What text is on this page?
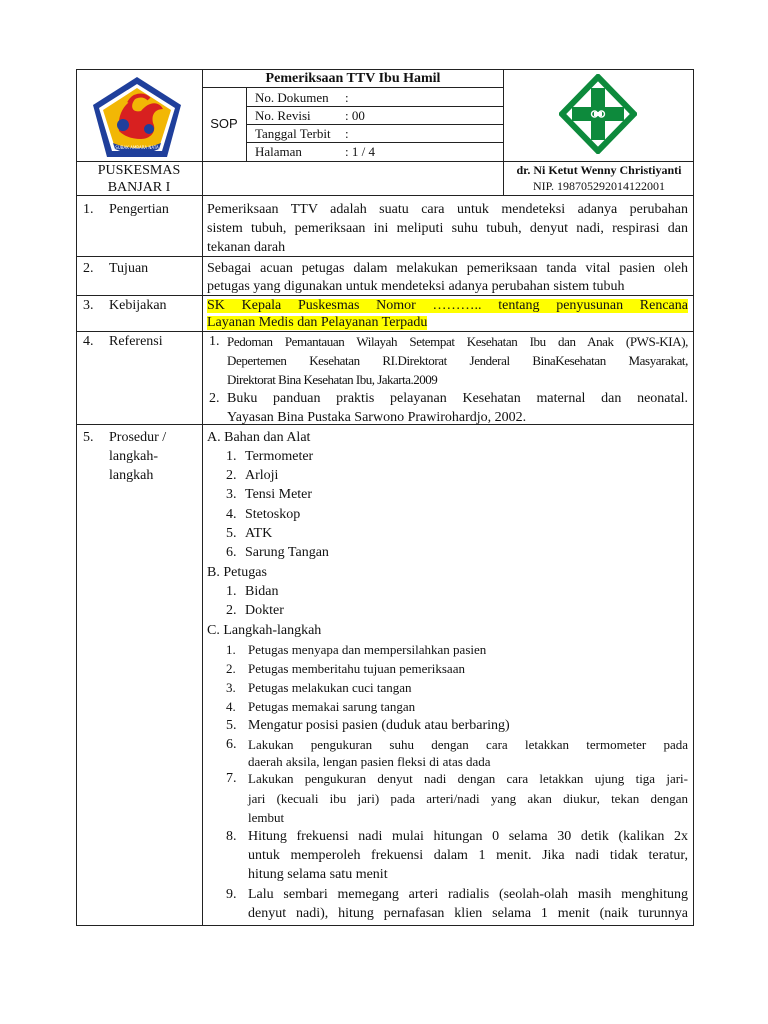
SUBAK AMBARA NATA
PUSKESMAS
BANJAR I
Pemeriksaan TTV Ibu Hamil
SOP
No. Dokumen :
No. Revisi	: 00
Tanggal Terbit :
Halaman	: 1 / 4
dr. Ni Ketut Wenny Christiyanti
NIP. 198705292014122001
1. Pengertian	Pemeriksaan TTV adalah suatu cara untuk mendeteksi adanya perubahan
sistem tubuh, pemeriksaan ini meliputi suhu tubuh, denyut nadi, respirasi dan
tekanan darah
2. Tujuan	Sebagai acuan petugas dalam melakukan pemeriksaan tanda vital pasien oleh
petugas yang digunakan untuk mendeteksi adanya perubahan sistem tubuh
3. Kebijakan	SK Kepala Puskesmas Nomor ……….. tentang penyusunan Rencana
Layanan Medis dan Pelayanan Terpadu
4. Referensi	1. Pedoman Pemantauan Wilayah Setempat Kesehatan Ibu dan Anak (PWS-KIA),
Depertemen Kesehatan RI.Direktorat Jenderal BinaKesehatan Masyarakat,
Direktorat Bina Kesehatan Ibu, Jakarta.2009
2. Buku panduan praktis pelayanan Kesehatan maternal dan neonatal.
Yayasan Bina Pustaka Sarwono Prawirohardjo, 2002.
5. Prosedur /
langkah-
langkah
A. Bahan dan Alat
1. Termometer
2. Arloji
3. Tensi Meter
4. Stetoskop
5. ATK
6. Sarung Tangan
B. Petugas
1. Bidan
2. Dokter
C. Langkah-langkah
1. Petugas menyapa dan mempersilahkan pasien
2. Petugas memberitahu tujuan pemeriksaan
3. Petugas melakukan cuci tangan
4. Petugas memakai sarung tangan
5. Mengatur posisi pasien (duduk atau berbaring)
6. Lakukan pengukuran suhu dengan cara letakkan termometer pada
daerah aksila, lengan pasien fleksi di atas dada
7. Lakukan pengukuran denyut nadi dengan cara letakkan ujung tiga jari-
jari (kecuali ibu jari) pada arteri/nadi yang akan diukur, tekan dengan
lembut
8. Hitung frekuensi nadi mulai hitungan 0 selama 30 detik (kalikan 2x
untuk memperoleh frekuensi dalam 1 menit. Jika nadi tidak teratur,
hitung selama satu menit
9. Lalu sembari memegang arteri radialis (seolah-olah masih menghitung
denyut nadi), hitung pernafasan klien selama 1 menit (naik turunnya
